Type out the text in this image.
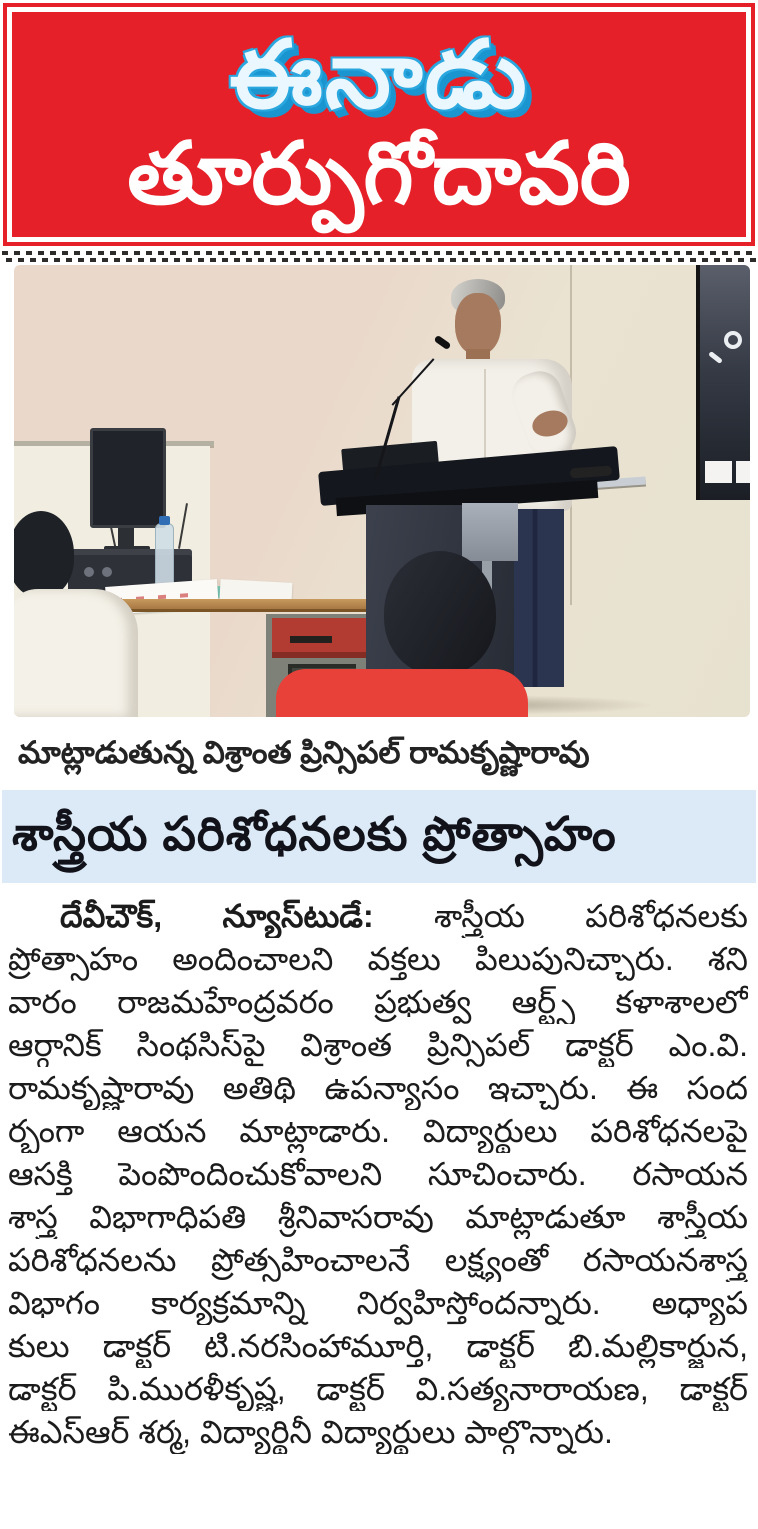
ఈనాడు
తూర్పుగోదావరి
మాట్లాడుతున్న విశ్రాంత ప్రిన్సిపల్ రామకృష్ణారావు
శాస్త్రీయ పరిశోధనలకు ప్రోత్సాహం
దేవీచౌక్, న్యూస్‌టుడే: శాస్త్రీయ పరిశోధనలకు
ప్రోత్సాహం అందించాలని వక్తలు పిలుపునిచ్చారు. శని
వారం రాజమహేంద్రవరం ప్రభుత్వ ఆర్ట్స్ కళాశాలలో
ఆర్గానిక్ సింథసిస్‌పై విశ్రాంత ప్రిన్సిపల్ డాక్టర్ ఎం.వి.
రామకృష్ణారావు అతిథి ఉపన్యాసం ఇచ్చారు. ఈ సంద
ర్భంగా ఆయన మాట్లాడారు. విద్యార్థులు పరిశోధనలపై
ఆసక్తి పెంపొందించుకోవాలని సూచించారు. రసాయన
శాస్త్ర విభాగాధిపతి శ్రీనివాసరావు మాట్లాడుతూ శాస్త్రీయ
పరిశోధనలను ప్రోత్సహించాలనే లక్ష్యంతో రసాయనశాస్త్ర
విభాగం కార్యక్రమాన్ని నిర్వహిస్తోందన్నారు. అధ్యాప
కులు డాక్టర్ టి.నరసింహామూర్తి, డాక్టర్ బి.మల్లికార్జున,
డాక్టర్ పి.మురళీకృష్ణ, డాక్టర్ వి.సత్యనారాయణ, డాక్టర్
ఈఎస్ఆర్ శర్మ, విద్యార్థినీ విద్యార్థులు పాల్గొన్నారు.
